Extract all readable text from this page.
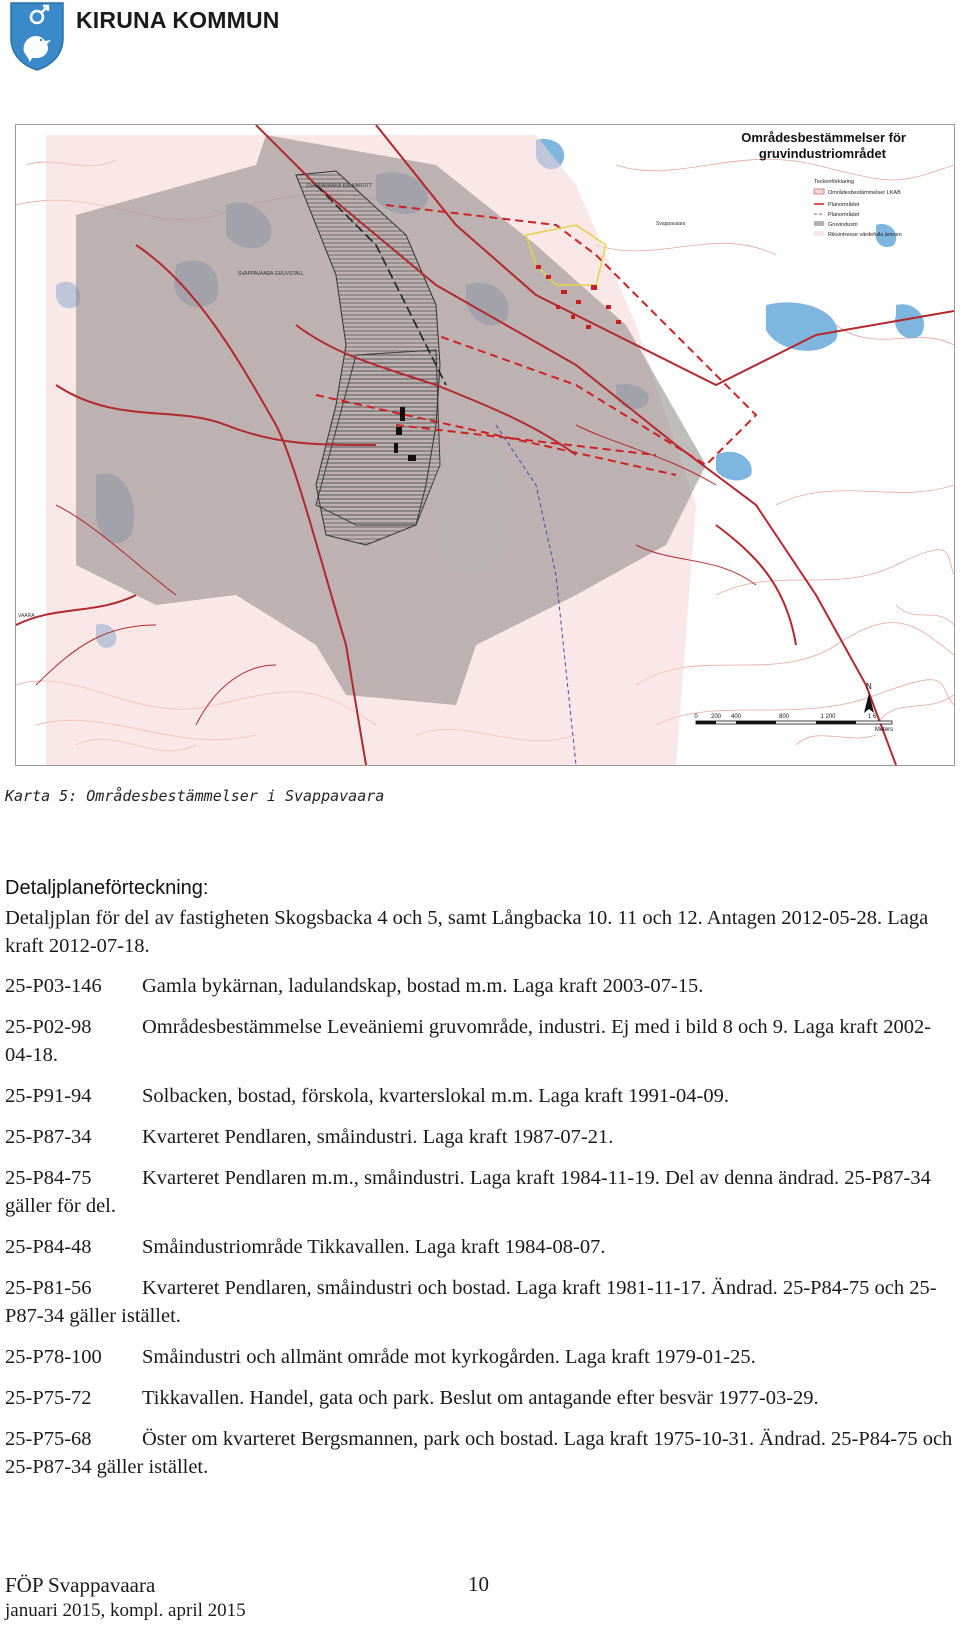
KIRUNA KOMMUN
Områdesbestämmelser för
gruvindustriområdet
Teckenförklaring
Områdesbestämmelser LKAB
Planområdet
Planområdet
Gruvindustri
Riksintresse värdefulla ämnen
SVAPPAVAARA KALKBROTT
SVAPPAVAARA GRUVSTALL
VAARA
Svappavaara
N
0 200 400	800	1 200	1 6
Meters
Karta 5: Områdesbestämmelser i Svappavaara
Detaljplaneförteckning:

Detaljplan för del av fastigheten Skogsbacka 4 och 5, samt Långbacka 10. 11 och 12. Antagen 2012-05-28. Laga kraft 2012-07-18.

25-P03-146 Gamla bykärnan, ladulandskap, bostad m.m. Laga kraft 2003-07-15.

25-P02-98 Områdesbestämmelse Leveäniemi gruvområde, industri. Ej med i bild 8 och 9. Laga kraft 2002-04-18.

25-P91-94 Solbacken, bostad, förskola, kvarterslokal m.m. Laga kraft 1991-04-09.

25-P87-34 Kvarteret Pendlaren, småindustri. Laga kraft 1987-07-21.

25-P84-75 Kvarteret Pendlaren m.m., småindustri. Laga kraft 1984-11-19. Del av denna ändrad. 25-P87-34 gäller för del.

25-P84-48 Småindustriområde Tikkavallen. Laga kraft 1984-08-07.

25-P81-56 Kvarteret Pendlaren, småindustri och bostad. Laga kraft 1981-11-17. Ändrad. 25-P84-75 och 25-P87-34 gäller istället.

25-P78-100 Småindustri och allmänt område mot kyrkogården. Laga kraft 1979-01-25.

25-P75-72 Tikkavallen. Handel, gata och park. Beslut om antagande efter besvär 1977-03-29.

25-P75-68 Öster om kvarteret Bergsmannen, park och bostad. Laga kraft 1975-10-31. Ändrad. 25-P84-75 och 25-P87-34 gäller istället.

FÖP Svappavaara
januari 2015, kompl. april 2015
10
